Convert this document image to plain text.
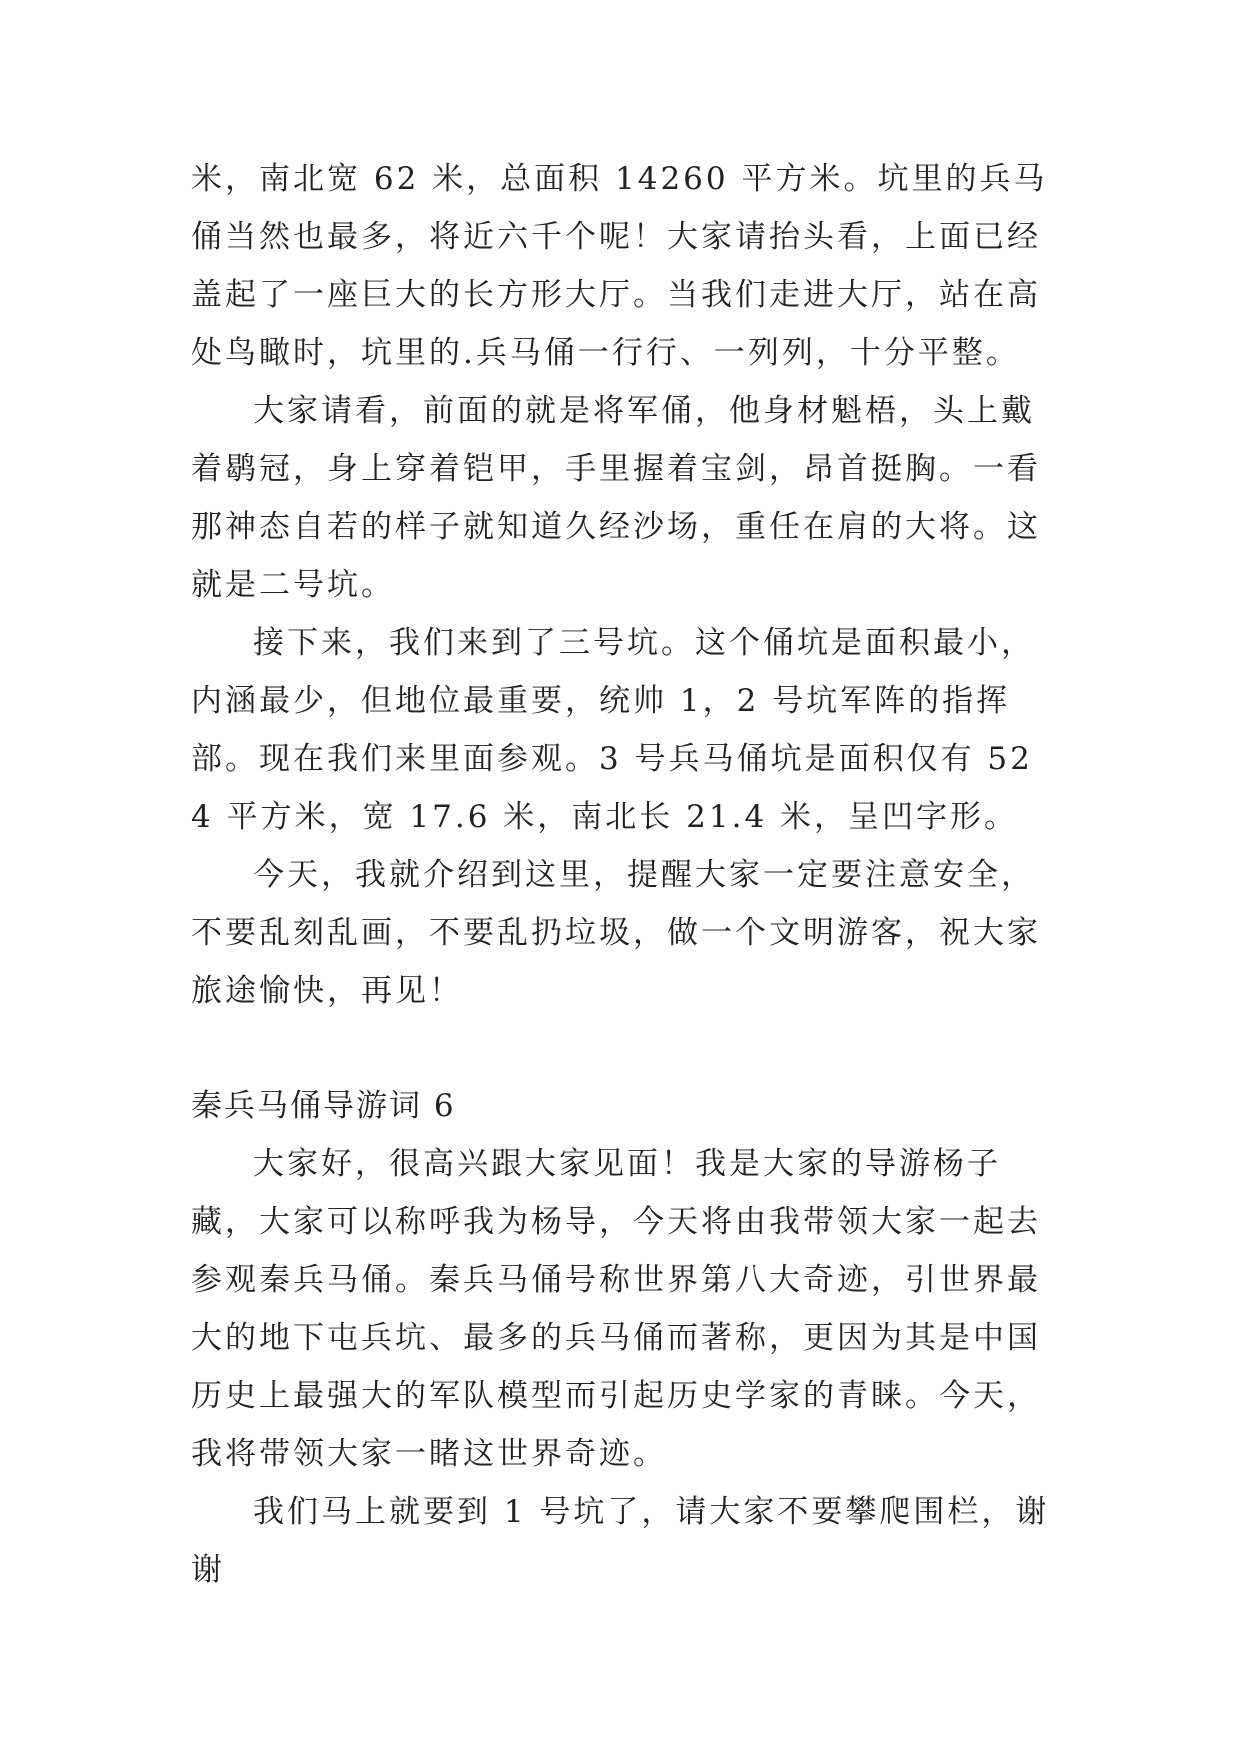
米，南北宽 62 米，总面积 14260 平方米。坑里的兵马俑当然也最多，将近六千个呢！大家请抬头看，上面已经盖起了一座巨大的长方形大厅。当我们走进大厅，站在高处鸟瞰时，坑里的.兵马俑一行行、一列列，十分平整。

大家请看，前面的就是将军俑，他身材魁梧，头上戴着鹖冠，身上穿着铠甲，手里握着宝剑，昂首挺胸。一看那神态自若的样子就知道久经沙场，重任在肩的大将。这就是二号坑。

接下来，我们来到了三号坑。这个俑坑是面积最小，内涵最少，但地位最重要，统帅 1，2 号坑军阵的指挥部。现在我们来里面参观。3 号兵马俑坑是面积仅有 524 平方米，宽 17.6 米，南北长 21.4 米，呈凹字形。

今天，我就介绍到这里，提醒大家一定要注意安全，不要乱刻乱画，不要乱扔垃圾，做一个文明游客，祝大家旅途愉快，再见！

秦兵马俑导游词 6

大家好，很高兴跟大家见面！我是大家的导游杨子藏，大家可以称呼我为杨导，今天将由我带领大家一起去参观秦兵马俑。秦兵马俑号称世界第八大奇迹，引世界最大的地下屯兵坑、最多的兵马俑而著称，更因为其是中国历史上最强大的军队模型而引起历史学家的青睐。今天，我将带领大家一睹这世界奇迹。

我们马上就要到 1 号坑了，请大家不要攀爬围栏，谢谢
